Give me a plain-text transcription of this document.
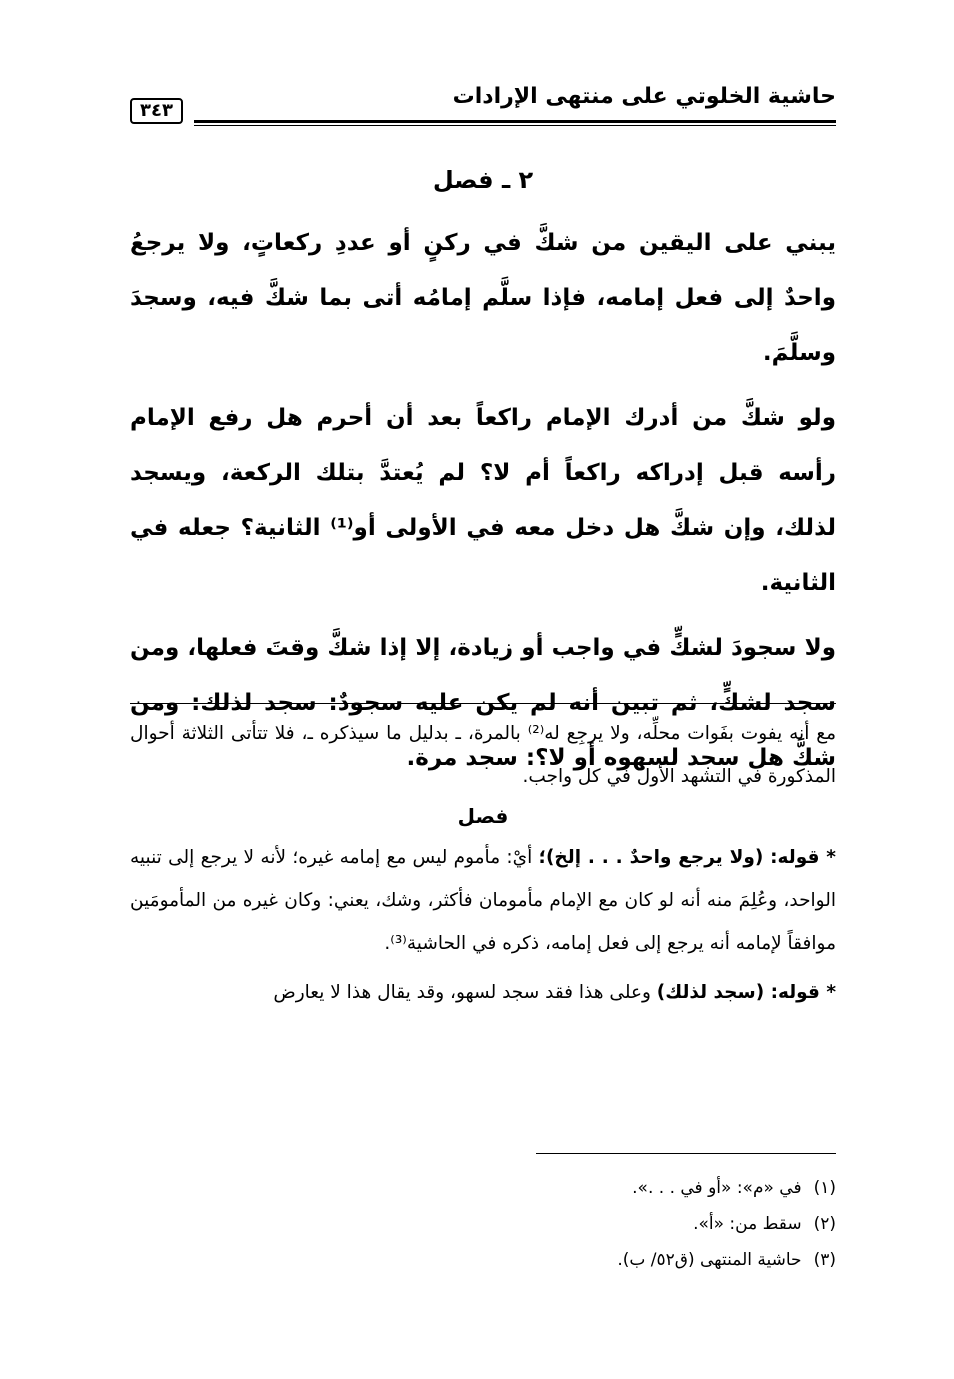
حاشية الخلوتي على منتهى الإرادات
٣٤٣
٢ ـ فصل

يبني على اليقين من شكَّ في ركنٍ أو عددِ ركعاتٍ، ولا يرجعُ واحدٌ إلى فعل إمامه، فإذا سلَّم إمامُه أتى بما شكَّ فيه، وسجدَ وسلَّمَ.

ولو شكَّ من أدرك الإمام راكعاً بعد أن أحرم هل رفع الإمام رأسه قبل إدراكه راكعاً أم لا؟ لم يُعتدَّ بتلك الركعة، ويسجد لذلك، وإن شكَّ هل دخل معه في الأولى أو⁽¹⁾ الثانية؟ جعله في الثانية.

ولا سجودَ لشكٍّ في واجب أو زيادة، إلا إذا شكَّ وقتَ فعلها، ومن سجد لشكٍّ، ثم تبين أنه لم يكن عليه سجودٌ: سجد لذلك: ومن شكَّ هل سجد لسهوه أو لا؟: سجد مرة.

مع أنه يفوت بفَوات محلِّه، ولا يرجِع له⁽²⁾ بالمرة، ـ بدليل ما سيذكره ـ، فلا تتأتى الثلاثة أحوال المذكورة في التشهد الأول في كل واجب.

فصل

* قوله: (ولا يرجع واحدٌ . . . إلخ)؛ أيْ: مأموم ليس مع إمامه غيره؛ لأنه لا يرجع إلى تنبيه الواحد، وعُلِمَ منه أنه لو كان مع الإمام مأمومان فأكثر، وشك، يعني: وكان غيره من المأمومَين موافقاً لإمامه أنه يرجع إلى فعل إمامه، ذكره في الحاشية⁽³⁾.

* قوله: (سجد لذلك) وعلى هذا فقد سجد لسهو، وقد يقال هذا لا يعارض

(١)في «م»: «أو في . . .».
(٢)سقط من: «أ».
(٣)حاشية المنتهى (ق٥٢/ ب).
